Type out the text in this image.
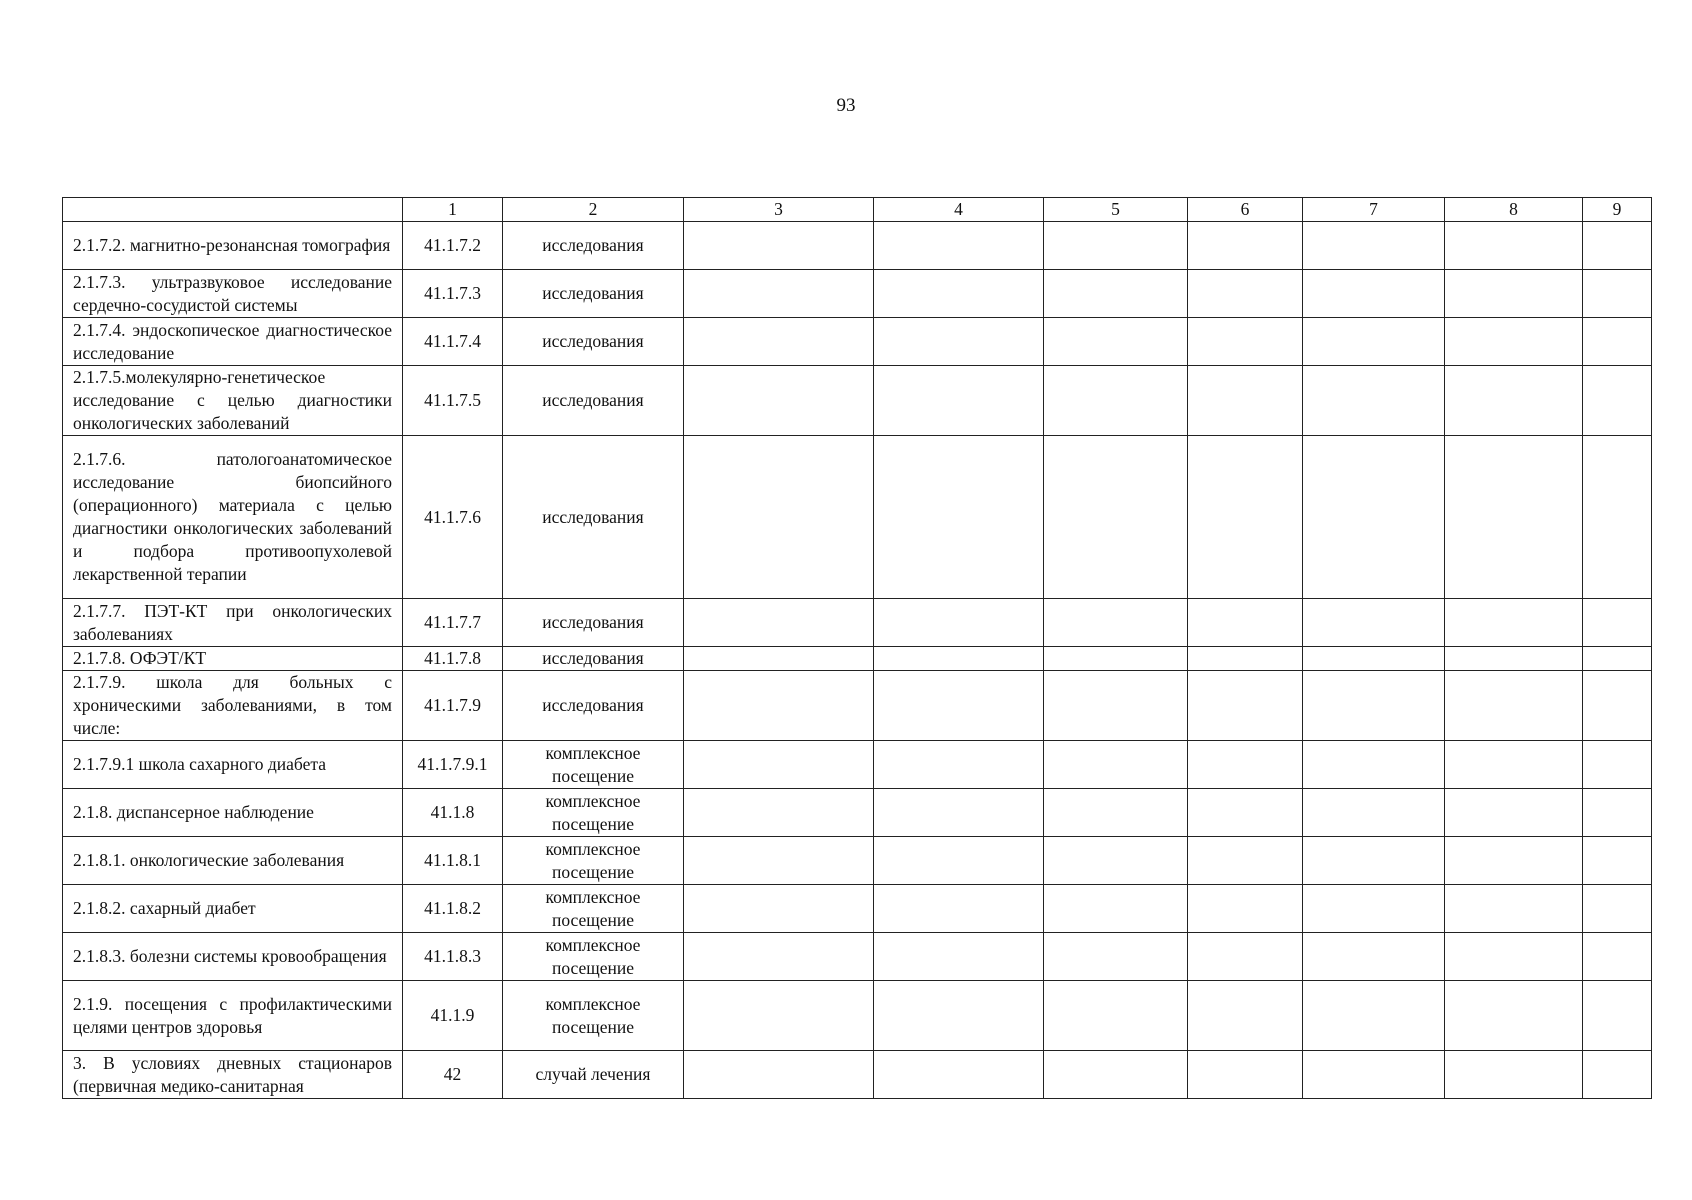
93
	1	2	3	4	5	6	7	8	9
2.1.7.2. магнитно-резонансная томография	41.1.7.2	исследования							
2.1.7.3. ультразвуковое исследование сердечно-сосудистой системы	41.1.7.3	исследования							
2.1.7.4. эндоскопическое диагностическое исследование	41.1.7.4	исследования							
2.1.7.5.молекулярно-генетическое исследование с целью диагностики онкологических заболеваний	41.1.7.5	исследования							
2.1.7.6. патологоанатомическое исследование биопсийного (операционного) материала с целью диагностики онкологических заболеваний и подбора противоопухолевой лекарственной терапии	41.1.7.6	исследования							
2.1.7.7. ПЭТ-КТ при онкологических заболеваниях	41.1.7.7	исследования							
2.1.7.8. ОФЭТ/КТ	41.1.7.8	исследования							
2.1.7.9. школа для больных с хроническими заболеваниями, в том числе:	41.1.7.9	исследования							
2.1.7.9.1 школа сахарного диабета	41.1.7.9.1	комплексное посещение							
2.1.8. диспансерное наблюдение	41.1.8	комплексное посещение							
2.1.8.1. онкологические заболевания	41.1.8.1	комплексное посещение							
2.1.8.2. сахарный диабет	41.1.8.2	комплексное посещение							
2.1.8.3. болезни системы кровообращения	41.1.8.3	комплексное посещение							
2.1.9. посещения с профилактическими целями центров здоровья	41.1.9	комплексное посещение							
3. В условиях дневных стационаров (первичная медико-санитарная	42	случай лечения							
